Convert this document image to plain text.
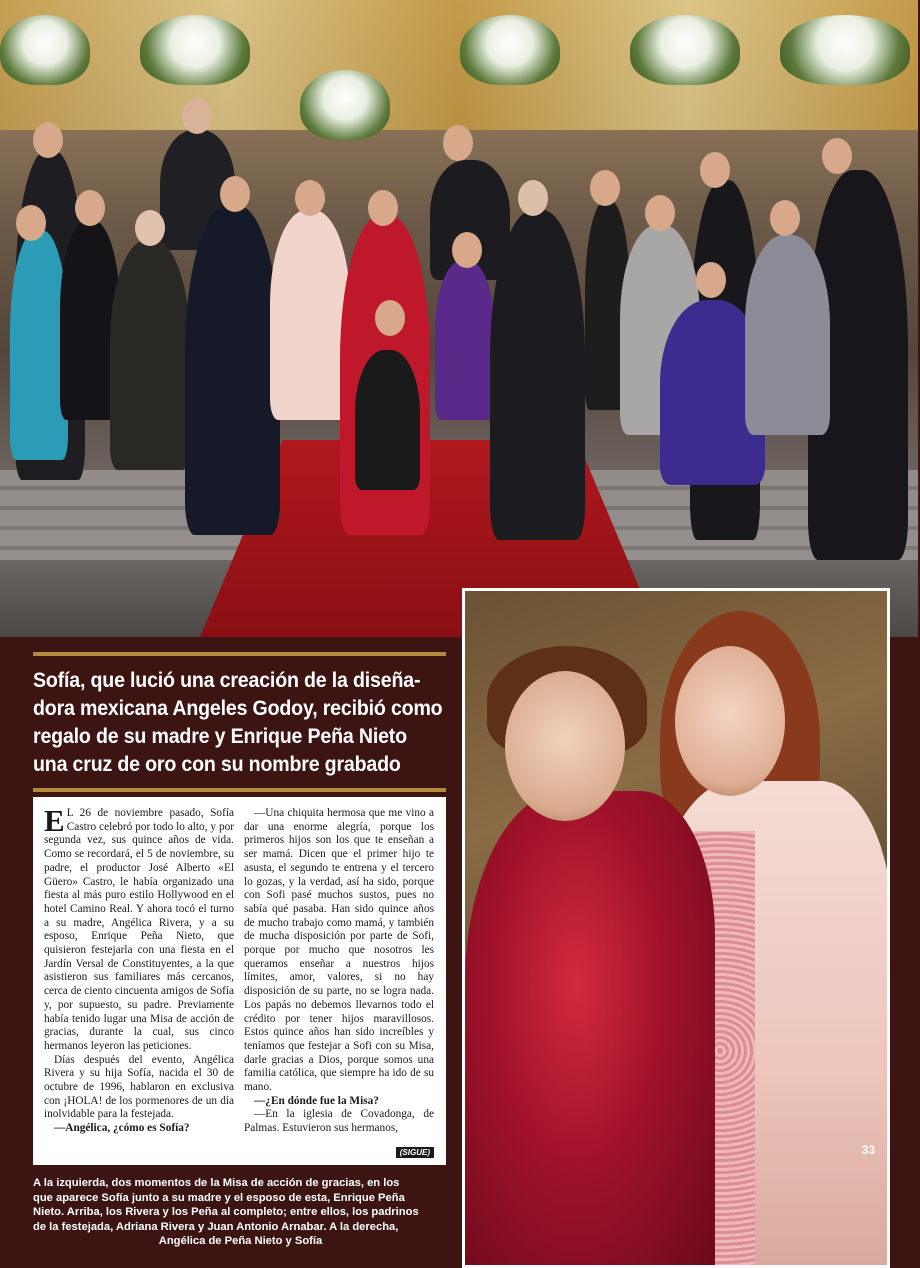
Sofía, que lució una creación de la diseña-
dora mexicana Angeles Godoy, recibió como
regalo de su madre y Enrique Peña Nieto
una cruz de oro con su nombre grabado

E L 26 de noviembre pasado, Sofía Castro celebró por todo lo alto, y por segunda vez, sus quince años de vida. Como se recordará, el 5 de noviembre, su padre, el productor José Alberto «El Güero» Castro, le había organizado una fiesta al más puro estilo Hollywood en el hotel Camino Real. Y ahora tocó el turno a su madre, Angélica Rivera, y a su esposo, Enrique Peña Nieto, que quisieron festejarla con una fiesta en el Jardín Versal de Constituyentes, a la que asistieron sus familiares más cercanos, cerca de ciento cincuenta amigos de Sofía y, por supuesto, su padre. Previamente había tenido lugar una Misa de acción de gracias, durante la cual, sus cinco hermanos leyeron las peticiones.

Días después del evento, Angélica Rivera y su hija Sofía, nacida el 30 de octubre de 1996, hablaron en exclusiva con ¡HOLA! de los pormenores de un día inolvidable para la festejada.

—Angélica, ¿cómo es Sofía?

—Una chiquita hermosa que me vino a dar una enorme alegría, porque los primeros hijos son los que te enseñan a ser mamá. Dicen que el primer hijo te asusta, el segundo te entrena y el tercero lo gozas, y la verdad, así ha sido, porque con Sofi pasé muchos sustos, pues no sabía qué pasaba. Han sido quince años de mucho trabajo como mamá, y también de mucha disposición por parte de Sofi, porque por mucho que nosotros les queramos enseñar a nuestros hijos límites, amor, valores, si no hay disposición de su parte, no se logra nada. Los papás no debemos llevarnos todo el crédito por tener hijos maravillosos. Estos quince años han sido increíbles y teníamos que festejar a Sofi con su Misa, darle gracias a Dios, porque somos una familia católica, que siempre ha ido de su mano.

—¿En dónde fue la Misa?

—En la iglesia de Covadonga, de Palmas. Estuvieron sus hermanos,

(SIGUE)
A la izquierda, dos momentos de la Misa de acción de gracias, en los
que aparece Sofía junto a su madre y el esposo de esta, Enrique Peña
Nieto. Arriba, los Rivera y los Peña al completo; entre ellos, los padrinos
de la festejada, Adriana Rivera y Juan Antonio Arnabar. A la derecha,
Angélica de Peña Nieto y Sofía
33
